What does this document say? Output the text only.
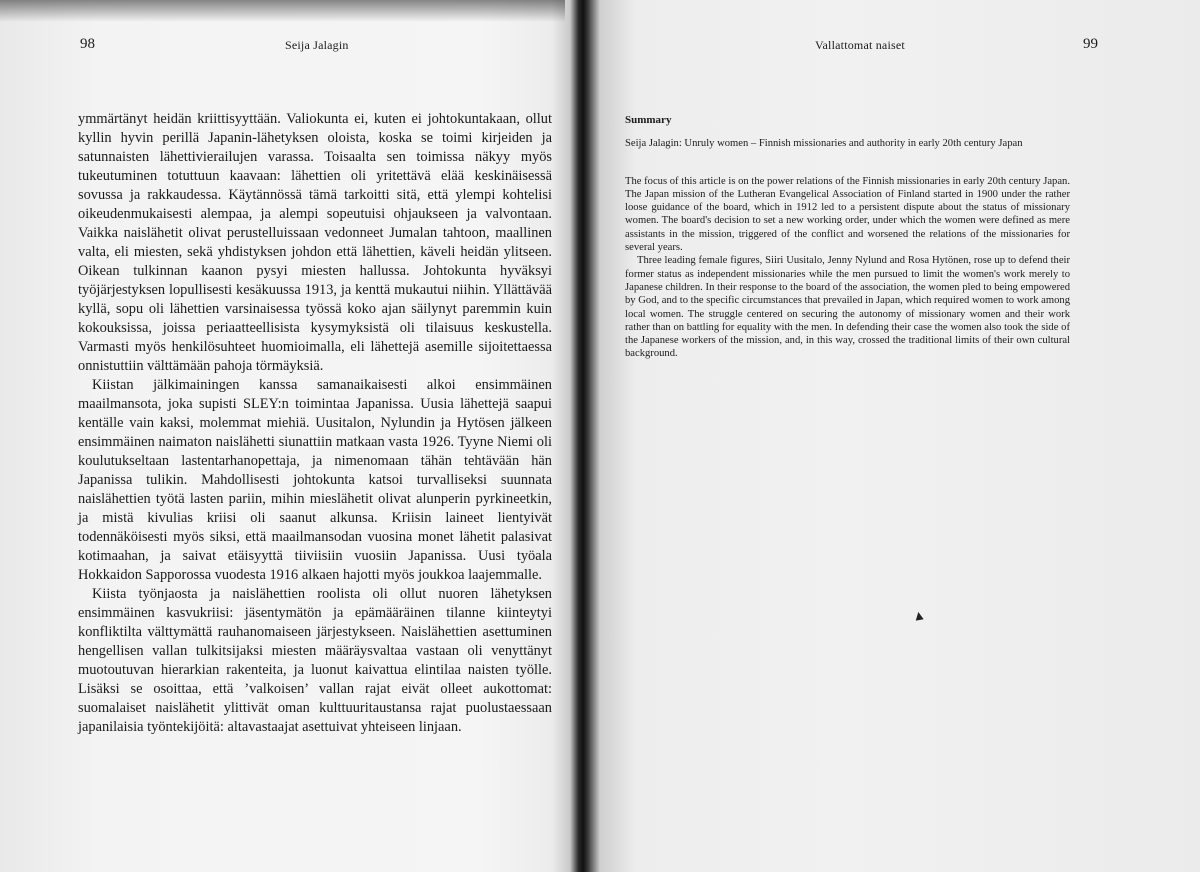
98	Seija Jalagin

ymmärtänyt heidän kriittisyyttään. Valiokunta ei, kuten ei johtokuntakaan, ollut kyllin hyvin perillä Japanin-lähetyksen oloista, koska se toimi kirjeiden ja satunnaisten lähettivierailujen varassa. Toisaalta sen toimissa näkyy myös tukeutuminen totuttuun kaavaan: lähettien oli yritettävä elää keskinäisessä sovussa ja rakkaudessa. Käytännössä tämä tarkoitti sitä, että ylempi kohtelisi oikeudenmukaisesti alempaa, ja alempi sopeutuisi ohjaukseen ja valvontaan. Vaikka naislähetit olivat perustelluissaan vedonneet Jumalan tahtoon, maallinen valta, eli miesten, sekä yhdistyksen johdon että lähettien, käveli heidän ylitseen. Oikean tulkinnan kaanon pysyi miesten hallussa. Johtokunta hyväksyi työjärjestyksen lopullisesti kesäkuussa 1913, ja kenttä mukautui niihin. Yllättävää kyllä, sopu oli lähettien varsinaisessa työssä koko ajan säilynyt paremmin kuin kokouksissa, joissa periaatteellisista kysymyksistä oli tilaisuus keskustella. Varmasti myös henkilösuhteet huomioimalla, eli lähettejä asemille sijoitettaessa onnistuttiin välttämään pahoja törmäyksiä.

Kiistan jälkimainingen kanssa samanaikaisesti alkoi ensimmäinen maailmansota, joka supisti SLEY:n toimintaa Japanissa. Uusia lähettejä saapui kentälle vain kaksi, molemmat miehiä. Uusitalon, Nylundin ja Hytösen jälkeen ensimmäinen naimaton naislähetti siunattiin matkaan vasta 1926. Tyyne Niemi oli koulutukseltaan lastentarhanopettaja, ja nimenomaan tähän tehtävään hän Japanissa tulikin. Mahdollisesti johtokunta katsoi turvalliseksi suunnata naislähettien työtä lasten pariin, mihin mieslähetit olivat alunperin pyrkineetkin, ja mistä kivulias kriisi oli saanut alkunsa. Kriisin laineet lientyivät todennäköisesti myös siksi, että maailmansodan vuosina monet lähetit palasivat kotimaahan, ja saivat etäisyyttä tiiviisiin vuosiin Japanissa. Uusi työala Hokkaidon Sapporossa vuodesta 1916 alkaen hajotti myös joukkoa laajemmalle.

Kiista työnjaosta ja naislähettien roolista oli ollut nuoren lähetyksen ensimmäinen kasvukriisi: jäsentymätön ja epämääräinen tilanne kiinteytyi konfliktilta välttymättä rauhanomaiseen järjestykseen. Naislähettien asettuminen hengellisen vallan tulkitsijaksi miesten määräysvaltaa vastaan oli venyttänyt muotoutuvan hierarkian rakenteita, ja luonut kaivattua elintilaa naisten työlle. Lisäksi se osoittaa, että ’valkoisen’ vallan rajat eivät olleet aukottomat: suomalaiset naislähetit ylittivät oman kulttuuritaustansa rajat puolustaessaan japanilaisia työntekijöitä: altavastaajat asettuivat yhteiseen linjaan.

Vallattomat naiset	99
Summary

Seija Jalagin: Unruly women – Finnish missionaries and authority in early 20th century Japan

The focus of this article is on the power relations of the Finnish missionaries in early 20th century Japan. The Japan mission of the Lutheran Evangelical Association of Finland started in 1900 under the rather loose guidance of the board, which in 1912 led to a persistent dispute about the status of missionary women. The board's decision to set a new working order, under which the women were defined as mere assistants in the mission, triggered of the conflict and worsened the relations of the missionaries for several years.

Three leading female figures, Siiri Uusitalo, Jenny Nylund and Rosa Hytönen, rose up to defend their former status as independent missionaries while the men pursued to limit the women's work merely to Japanese children. In their response to the board of the association, the women pled to being empowered by God, and to the specific circumstances that prevailed in Japan, which required women to work among local women. The struggle centered on securing the autonomy of missionary women and their work rather than on battling for equality with the men. In defending their case the women also took the side of the Japanese workers of the mission, and, in this way, crossed the traditional limits of their own cultural background.
